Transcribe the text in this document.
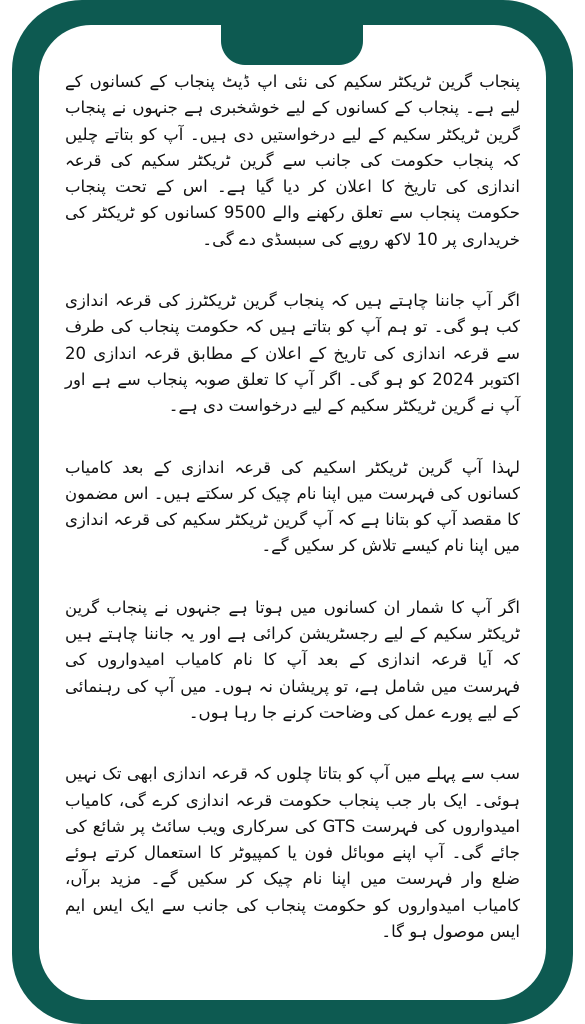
پنجاب گرین ٹریکٹر سکیم کی نئی اپ ڈیٹ پنجاب کے کسانوں کے لیے ہے۔ پنجاب کے کسانوں کے لیے خوشخبری ہے جنہوں نے پنجاب گرین ٹریکٹر سکیم کے لیے درخواستیں دی ہیں۔ آپ کو بتاتے چلیں کہ پنجاب حکومت کی جانب سے گرین ٹریکٹر سکیم کی قرعہ اندازی کی تاریخ کا اعلان کر دیا گیا ہے۔ اس کے تحت پنجاب حکومت پنجاب سے تعلق رکھنے والے 9500 کسانوں کو ٹریکٹر کی خریداری پر 10 لاکھ روپے کی سبسڈی دے گی۔

اگر آپ جاننا چاہتے ہیں کہ پنجاب گرین ٹریکٹرز کی قرعہ اندازی کب ہو گی۔ تو ہم آپ کو بتاتے ہیں کہ حکومت پنجاب کی طرف سے قرعہ اندازی کی تاریخ کے اعلان کے مطابق قرعہ اندازی 20 اکتوبر 2024 کو ہو گی۔ اگر آپ کا تعلق صوبہ پنجاب سے ہے اور آپ نے گرین ٹریکٹر سکیم کے لیے درخواست دی ہے۔

لہذا آپ گرین ٹریکٹر اسکیم کی قرعہ اندازی کے بعد کامیاب کسانوں کی فہرست میں اپنا نام چیک کر سکتے ہیں۔ اس مضمون کا مقصد آپ کو بتانا ہے کہ آپ گرین ٹریکٹر سکیم کی قرعہ اندازی میں اپنا نام کیسے تلاش کر سکیں گے۔

اگر آپ کا شمار ان کسانوں میں ہوتا ہے جنہوں نے پنجاب گرین ٹریکٹر سکیم کے لیے رجسٹریشن کرائی ہے اور یہ جاننا چاہتے ہیں کہ آیا قرعہ اندازی کے بعد آپ کا نام کامیاب امیدواروں کی فہرست میں شامل ہے، تو پریشان نہ ہوں۔ میں آپ کی رہنمائی کے لیے پورے عمل کی وضاحت کرنے جا رہا ہوں۔

سب سے پہلے میں آپ کو بتاتا چلوں کہ قرعہ اندازی ابھی تک نہیں ہوئی۔ ایک بار جب پنجاب حکومت قرعہ اندازی کرے گی، کامیاب امیدواروں کی فہرست GTS کی سرکاری ویب سائٹ پر شائع کی جائے گی۔ آپ اپنے موبائل فون یا کمپیوٹر کا استعمال کرتے ہوئے ضلع وار فہرست میں اپنا نام چیک کر سکیں گے۔ مزید برآں، کامیاب امیدواروں کو حکومت پنجاب کی جانب سے ایک ایس ایم ایس موصول ہو گا۔
